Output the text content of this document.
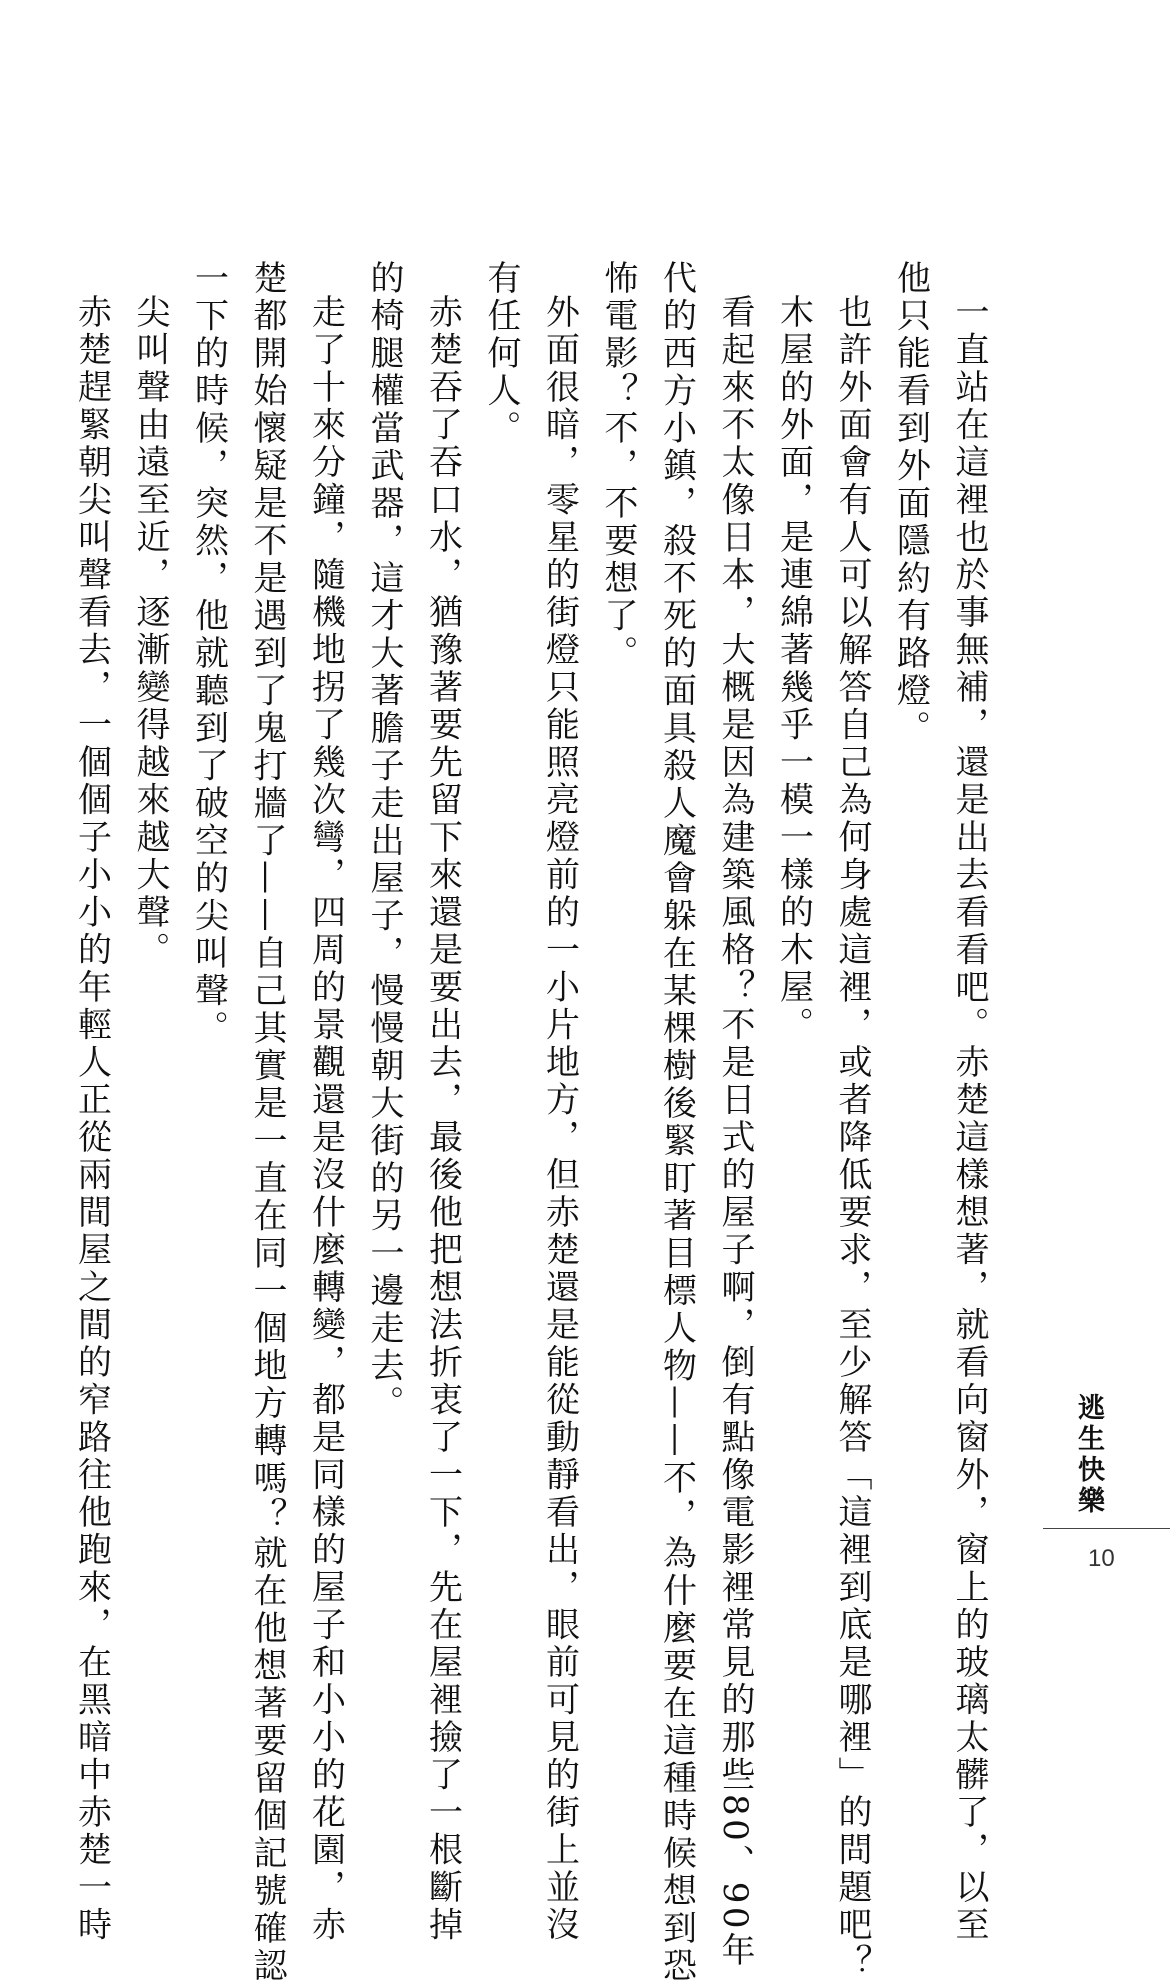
一直站在這裡也於事無補，還是出去看看吧。赤楚這樣想著，就看向窗外，窗上的玻璃太髒了，以至
他只能看到外面隱約有路燈。
也許外面會有人可以解答自己為何身處這裡，或者降低要求，至少解答「這裡到底是哪裡」的問題吧？
木屋的外面，是連綿著幾乎一模一樣的木屋。
看起來不太像日本，大概是因為建築風格？不是日式的屋子啊，倒有點像電影裡常見的那些80、90年
代的西方小鎮，殺不死的面具殺人魔會躲在某棵樹後緊盯著目標人物——不，為什麼要在這種時候想到恐
怖電影？不，不要想了。
外面很暗，零星的街燈只能照亮燈前的一小片地方，但赤楚還是能從動靜看出，眼前可見的街上並沒
有任何人。
赤楚吞了吞口水，猶豫著要先留下來還是要出去，最後他把想法折衷了一下，先在屋裡撿了一根斷掉
的椅腿權當武器，這才大著膽子走出屋子，慢慢朝大街的另一邊走去。
走了十來分鐘，隨機地拐了幾次彎，四周的景觀還是沒什麼轉變，都是同樣的屋子和小小的花園，赤
楚都開始懷疑是不是遇到了鬼打牆了——自己其實是一直在同一個地方轉嗎？就在他想著要留個記號確認
一下的時候，突然，他就聽到了破空的尖叫聲。
尖叫聲由遠至近，逐漸變得越來越大聲。
赤楚趕緊朝尖叫聲看去，一個個子小小的年輕人正從兩間屋之間的窄路往他跑來，在黑暗中赤楚一時	逃生快樂
10
